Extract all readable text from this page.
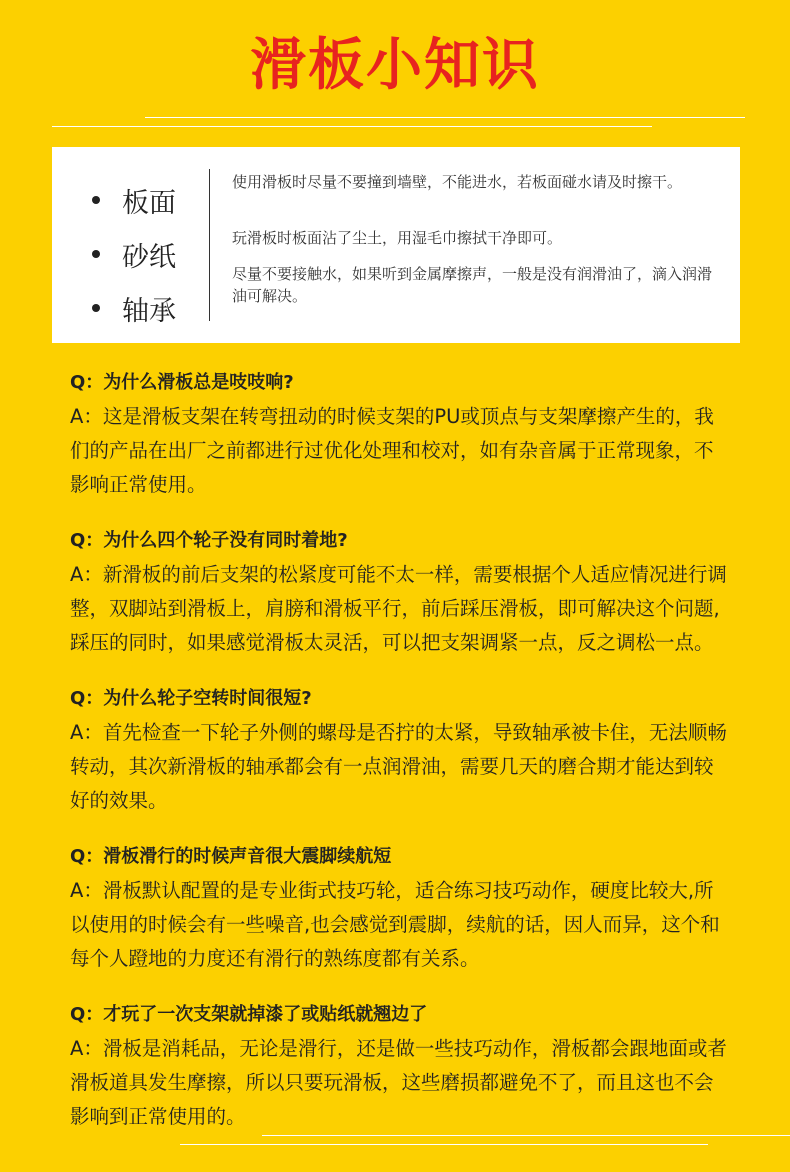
滑板小知识
板面
砂纸
轴承
使用滑板时尽量不要撞到墙壁，不能进水，若板面碰水请及时擦干。
玩滑板时板面沾了尘土，用湿毛巾擦拭干净即可。
尽量不要接触水，如果听到金属摩擦声，一般是没有润滑油了，滴入润滑油可解决。
Q：为什么滑板总是吱吱响?
A：这是滑板支架在转弯扭动的时候支架的PU或顶点与支架摩擦产生的，我们的产品在出厂之前都进行过优化处理和校对，如有杂音属于正常现象，不影响正常使用。
Q：为什么四个轮子没有同时着地?
A：新滑板的前后支架的松紧度可能不太一样，需要根据个人适应情况进行调整，双脚站到滑板上，肩膀和滑板平行，前后踩压滑板，即可解决这个问题,踩压的同时，如果感觉滑板太灵活，可以把支架调紧一点，反之调松一点。
Q：为什么轮子空转时间很短?
A：首先检查一下轮子外侧的螺母是否拧的太紧，导致轴承被卡住，无法顺畅转动，其次新滑板的轴承都会有一点润滑油，需要几天的磨合期才能达到较好的效果。
Q：滑板滑行的时候声音很大震脚续航短
A：滑板默认配置的是专业街式技巧轮，适合练习技巧动作，硬度比较大,所以使用的时候会有一些噪音,也会感觉到震脚，续航的话，因人而异，这个和每个人蹬地的力度还有滑行的熟练度都有关系。
Q：才玩了一次支架就掉漆了或贴纸就翘边了
A：滑板是消耗品，无论是滑行，还是做一些技巧动作，滑板都会跟地面或者滑板道具发生摩擦，所以只要玩滑板，这些磨损都避免不了，而且这也不会影响到正常使用的。
